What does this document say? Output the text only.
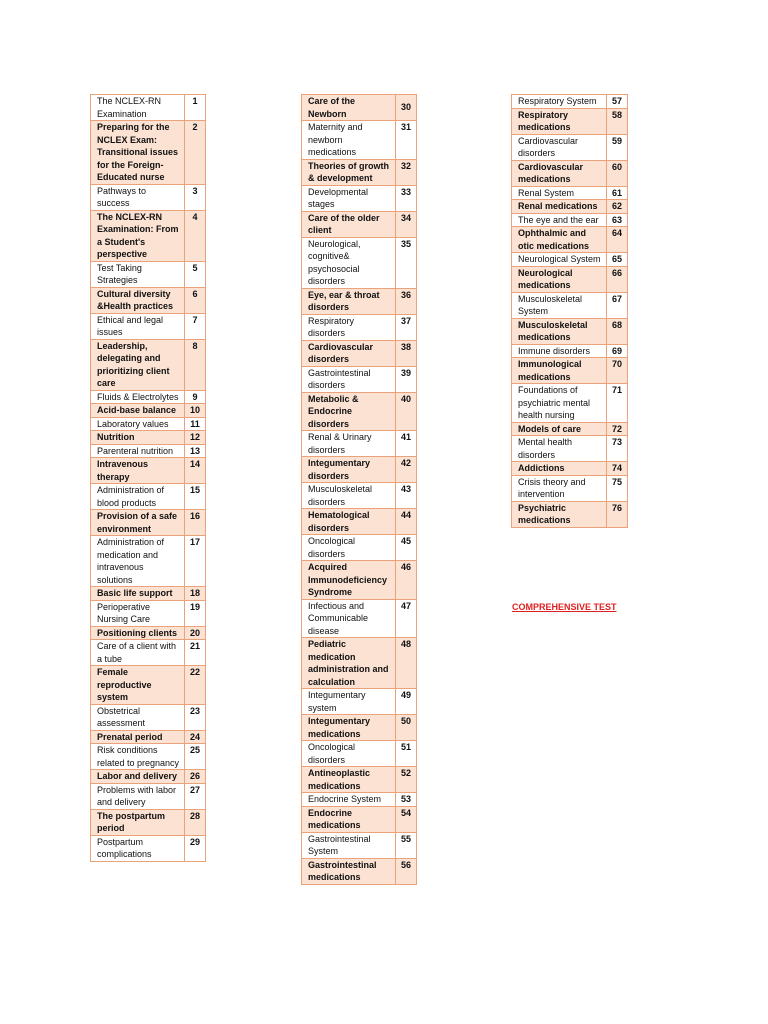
The NCLEX-RN Examination	1
Preparing for the NCLEX Exam: Transitional issues for the Foreign-Educated nurse	2
Pathways to success	3
The NCLEX-RN Examination: From a Student's perspective	4
Test Taking Strategies	5
Cultural diversity &Health practices	6
Ethical and legal issues	7
Leadership, delegating and prioritizing client care	8
Fluids & Electrolytes	9
Acid-base balance	10
Laboratory values	11
Nutrition	12
Parenteral nutrition	13
Intravenous therapy	14
Administration of blood products	15
Provision of a safe environment	16
Administration of medication and intravenous solutions	17
Basic life support	18
Perioperative Nursing Care	19
Positioning clients	20
Care of a client with a tube	21
Female reproductive system	22
Obstetrical assessment	23
Prenatal period	24
Risk conditions related to pregnancy	25
Labor and delivery	26
Problems with labor and delivery	27
The postpartum period	28
Postpartum complications	29
Care of the Newborn	30
Maternity and newborn medications	31
Theories of growth & development	32
Developmental stages	33
Care of the older client	34
Neurological, cognitive& psychosocial disorders	35
Eye, ear & throat disorders	36
Respiratory disorders	37
Cardiovascular disorders	38
Gastrointestinal disorders	39
Metabolic & Endocrine disorders	40
Renal & Urinary disorders	41
Integumentary disorders	42
Musculoskeletal disorders	43
Hematological disorders	44
Oncological disorders	45
Acquired Immunodeficiency Syndrome	46
Infectious and Communicable disease	47
Pediatric medication administration and calculation	48
Integumentary system	49
Integumentary medications	50
Oncological disorders	51
Antineoplastic medications	52
Endocrine System	53
Endocrine medications	54
Gastrointestinal System	55
Gastrointestinal medications	56
Respiratory System	57
Respiratory medications	58
Cardiovascular disorders	59
Cardiovascular medications	60
Renal System	61
Renal medications	62
The eye and the ear	63
Ophthalmic and otic medications	64
Neurological System	65
Neurological medications	66
Musculoskeletal System	67
Musculoskeletal medications	68
Immune disorders	69
Immunological medications	70
Foundations of psychiatric mental health nursing	71
Models of care	72
Mental health disorders	73
Addictions	74
Crisis theory and intervention	75
Psychiatric medications	76
COMPREHENSIVE TEST
